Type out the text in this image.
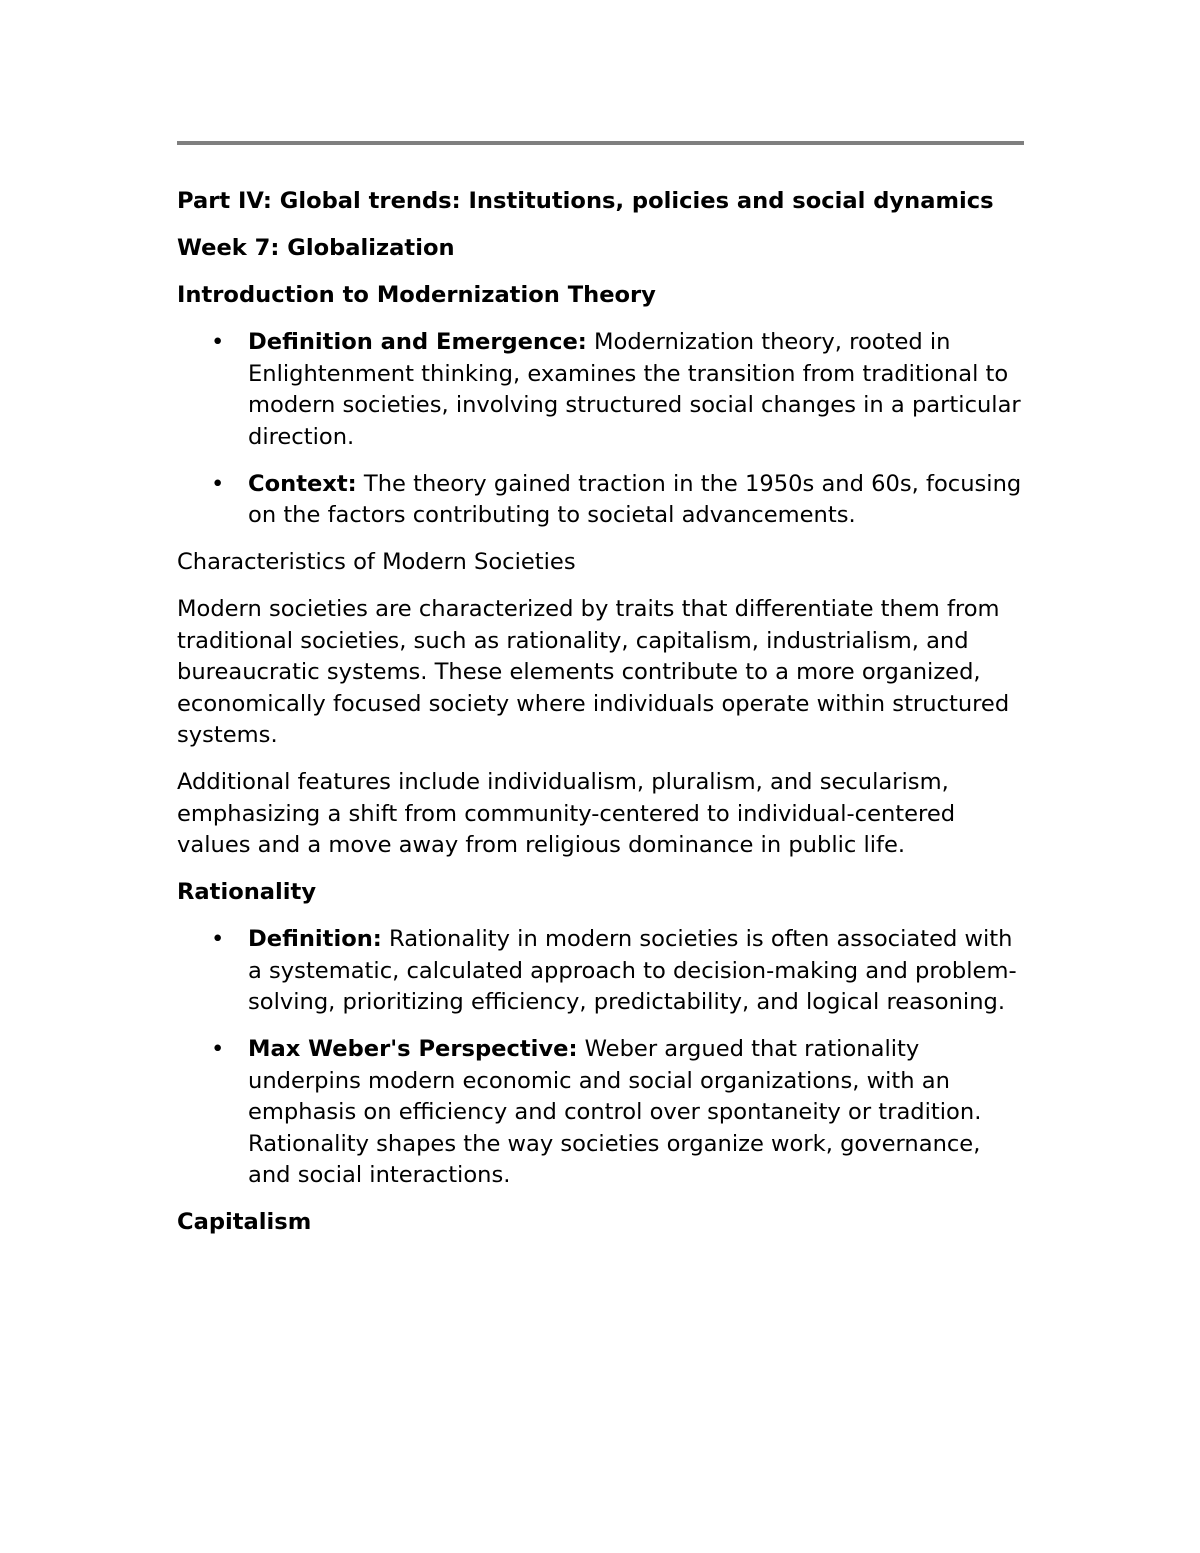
Part IV: Global trends: Institutions, policies and social dynamics

Week 7: Globalization

Introduction to Modernization Theory

• Definition and Emergence: Modernization theory, rooted in Enlightenment thinking, examines the transition from traditional to modern societies, involving structured social changes in a particular direction.
• Context: The theory gained traction in the 1950s and 60s, focusing on the factors contributing to societal advancements.

Characteristics of Modern Societies

Modern societies are characterized by traits that differentiate them from traditional societies, such as rationality, capitalism, industrialism, and bureaucratic systems. These elements contribute to a more organized, economically focused society where individuals operate within structured systems.

Additional features include individualism, pluralism, and secularism, emphasizing a shift from community-centered to individual-centered values and a move away from religious dominance in public life.

Rationality

• Definition: Rationality in modern societies is often associated with a systematic, calculated approach to decision-making and problem-solving, prioritizing efficiency, predictability, and logical reasoning.
• Max Weber's Perspective: Weber argued that rationality underpins modern economic and social organizations, with an emphasis on efficiency and control over spontaneity or tradition. Rationality shapes the way societies organize work, governance, and social interactions.

Capitalism
